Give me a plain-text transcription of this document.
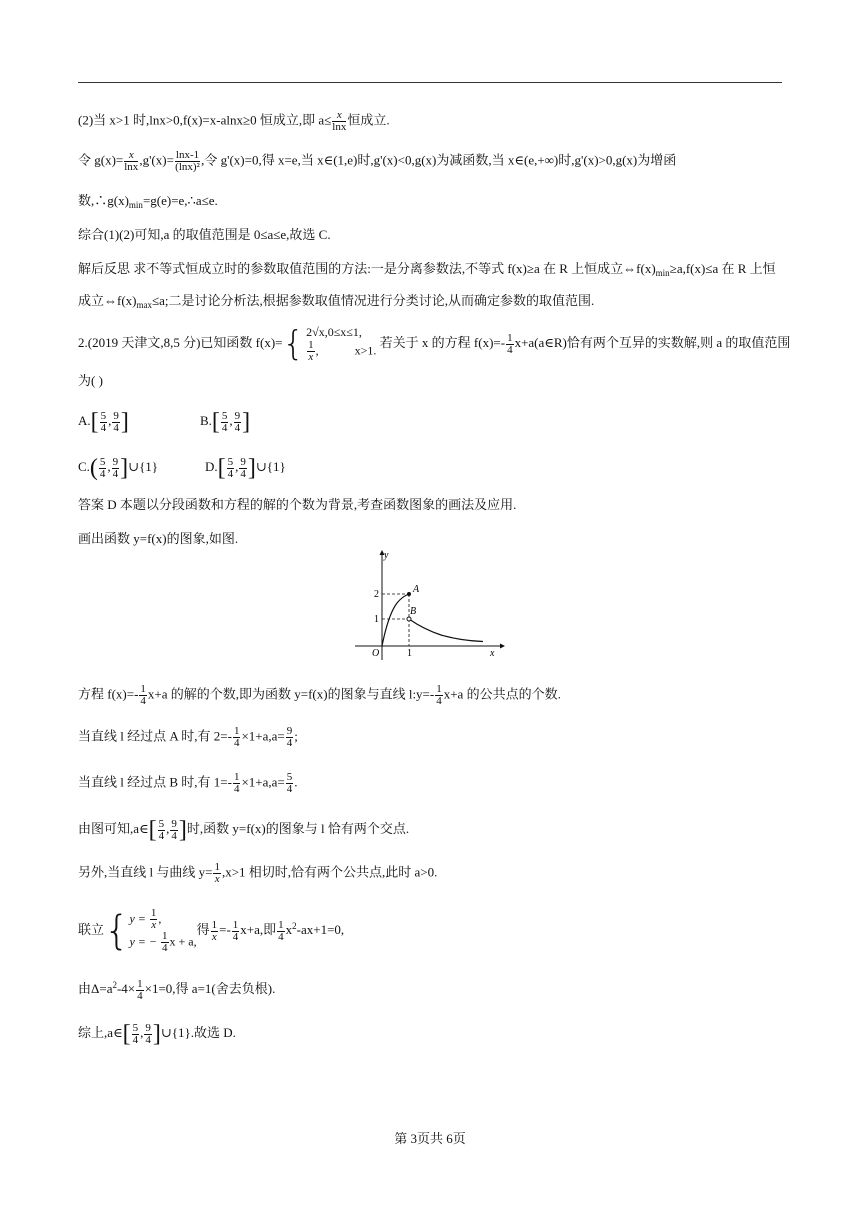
(2)当 x>1 时,lnx>0,f(x)=x-alnx≥0 恒成立,即 $a\le \frac{x}{\ln x}$ 恒成立.
令 $g(x)= \frac{x}{\ln x} ,g'(x)= \frac{\ln x-1}{\text{(lnx)²}}$ ,令 g'(x)=0,得 x=e,当 x∈(1,e)时,g'(x)<0,g(x)为减函数,当 x∈(e,+∞)时,g'(x)>0,g(x)为增函
数$,\therefore g(x)_{min}=g(e)=e,\therefore a\le e$.
综合(1)(2)可知,a 的取值范围是 0≤a≤e,故选 C.
解后反思 求不等式恒成立时的参数取值范围的方法:一是分离参数法,不等式 f(x)≥a 在 R 上恒成立$\Leftrightarrow f(x)_{min}\ge a,f(x)\le a$ 在 R 上恒
成立$\Leftrightarrow f(x)_{max}\le a$;二是讨论分析法,根据参数取值情况进行分类讨论,从而确定参数的取值范围.
2.(2019 天津文,8,5 分)已知函数 f(x)={ 2√x,0≤x≤1,
$\frac{1}{x}$ ,            x>1.
若关于 x 的方程 $f(x)=- \frac{1}{4}$ x+a(a∈R)恰有两个互异的实数解,则 a 的取值范围
为( )
$A.[ \frac{5}{4}$ , $\frac{9}{4}$ ]	$B.[ \frac{5}{4}$ , $\frac{9}{4}$ ]
$C.( \frac{5}{4}$ , $\frac{9}{4}$ ]∪{1}	$D.[ \frac{5}{4}$ , $\frac{9}{4}$ ]∪{1}
答案 D 本题以分段函数和方程的解的个数为背景,考查函数图象的画法及应用.
画出函数 y=f(x)的图象,如图.
y
x
O	1
1
2	A
B
方程 $f(x)=- \frac{1}{4} x+a$ 的解的个数,即为函数 y=f(x)的图象与直线 l:y=- $\frac{1}{4} x+a$ 的公共点的个数.
当直线 l 经过点 A 时,有 $2=- \frac{1}{4} \times 1+a,a= \frac{9}{4}$ ;
当直线 l 经过点 B 时,有 $1=- \frac{1}{4} \times 1+a,a= \frac{5}{4}$ .
由图可知,a∈[ $\frac{5}{4}$ , $\frac{9}{4}$ ]时,函数 y=f(x)的图象与 l 恰有两个交点.
另外,当直线 l 与曲线 $y= \frac{1}{x} ,x>1$ 相切时,恰有两个公共点,此时 a>0.
联立{ $y = \frac{1}{x}$ ,
y = − $\frac{1}{4}$ x + a,
得 $\frac{1}{x} =- \frac{1}{4} x+a$,即 $\frac{1}{4} x^2-ax+1=0$,
由$\Delta=a^2-4\times \frac{1}{4} \times 1=0$,得 a=1(舍去负根).
综上,a∈[ $\frac{5}{4}$ , $\frac{9}{4}$ ]∪{1}.故选 D.
第 3页共 6页
